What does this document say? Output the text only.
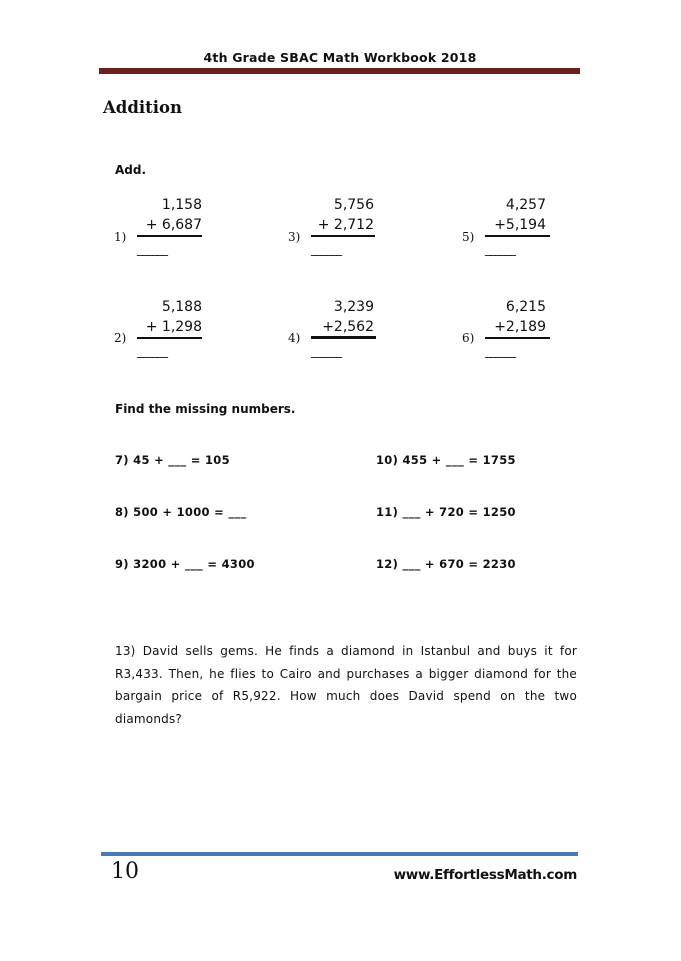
4th Grade SBAC Math Workbook 2018
Addition
Add.
1)
1,158
+ 6,687
______
3)
5,756
+ 2,712
______
5)
4,257
+5,194
______
2)
5,188
+ 1,298
______
4)
3,239
+2,562
______
6)
6,215
+2,189
______
Find the missing numbers.
7) 45 + ___ = 105
8) 500 + 1000 = ___
9) 3200 + ___ = 4300
10) 455 + ___ = 1755
11) ___ + 720 = 1250
12) ___ + 670 = 2230
13) David sells gems. He finds a diamond in Istanbul and buys it for R3,433. Then, he flies to Cairo and purchases a bigger diamond for the bargain price of R5,922. How much does David spend on the two diamonds?
10	www.EffortlessMath.com
